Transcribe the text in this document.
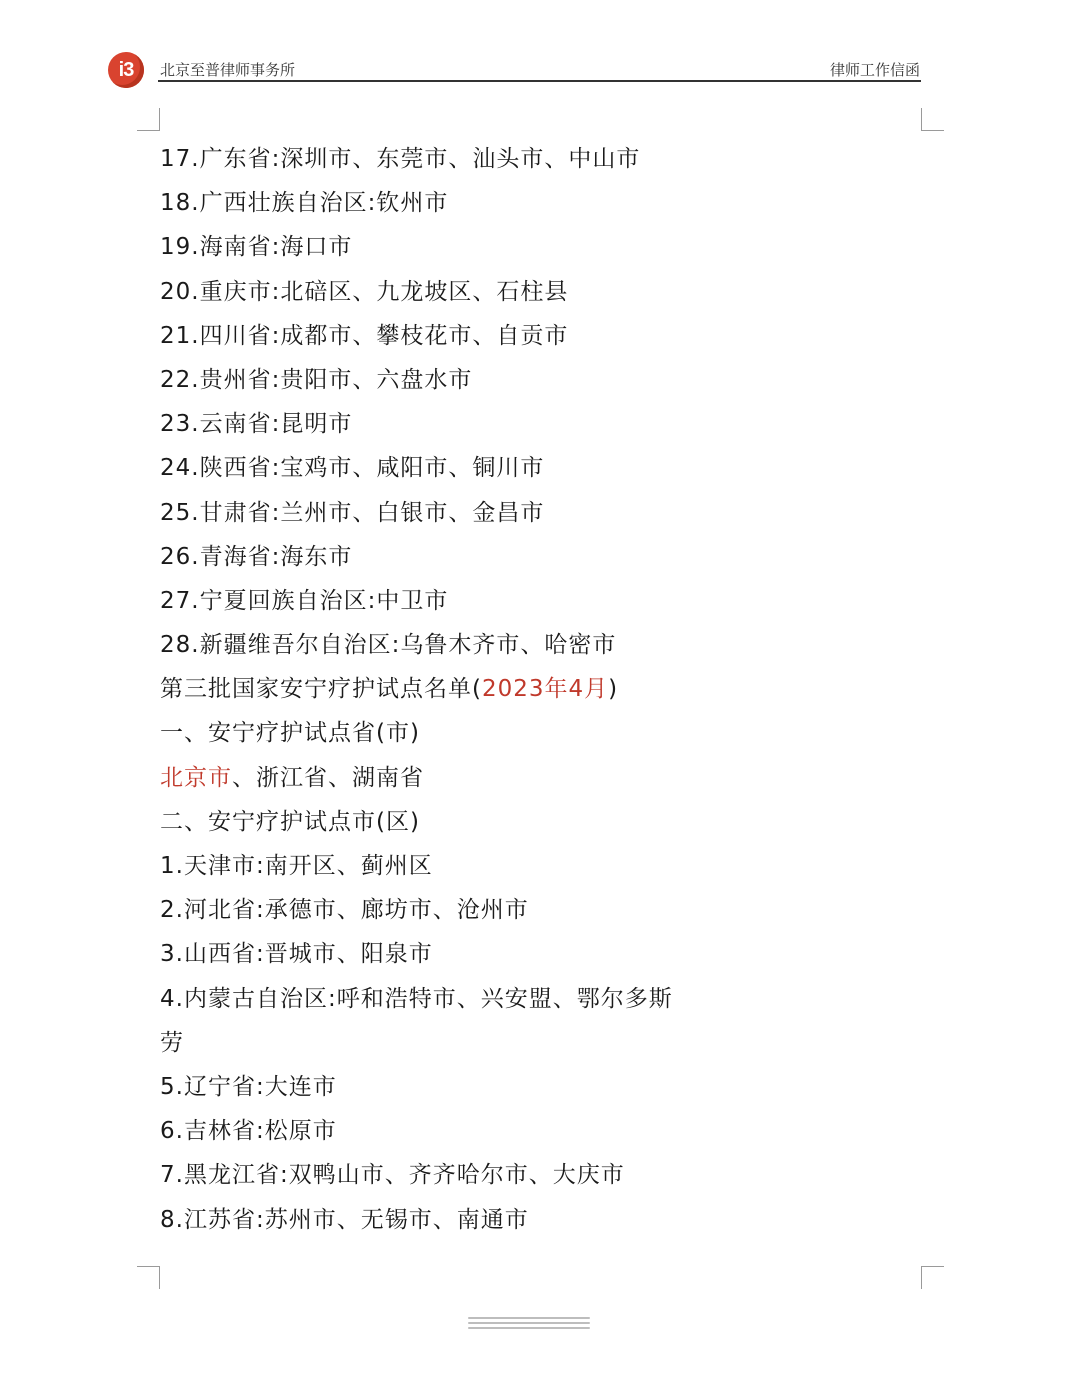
i3	北京至普律师事务所	律师工作信函
17.广东省:深圳市、东莞市、汕头市、中山市
18.广西壮族自治区:钦州市
19.海南省:海口市
20.重庆市:北碚区、九龙坡区、石柱县
21.四川省:成都市、攀枝花市、自贡市
22.贵州省:贵阳市、六盘水市
23.云南省:昆明市
24.陕西省:宝鸡市、咸阳市、铜川市
25.甘肃省:兰州市、白银市、金昌市
26.青海省:海东市
27.宁夏回族自治区:中卫市
28.新疆维吾尔自治区:乌鲁木齐市、哈密市
第三批国家安宁疗护试点名单(2023年4月)
一、安宁疗护试点省(市)
北京市、浙江省、湖南省
二、安宁疗护试点市(区)
1.天津市:南开区、蓟州区
2.河北省:承德市、廊坊市、沧州市
3.山西省:晋城市、阳泉市
4.内蒙古自治区:呼和浩特市、兴安盟、鄂尔多斯
劳
5.辽宁省:大连市
6.吉林省:松原市
7.黑龙江省:双鸭山市、齐齐哈尔市、大庆市
8.江苏省:苏州市、无锡市、南通市
